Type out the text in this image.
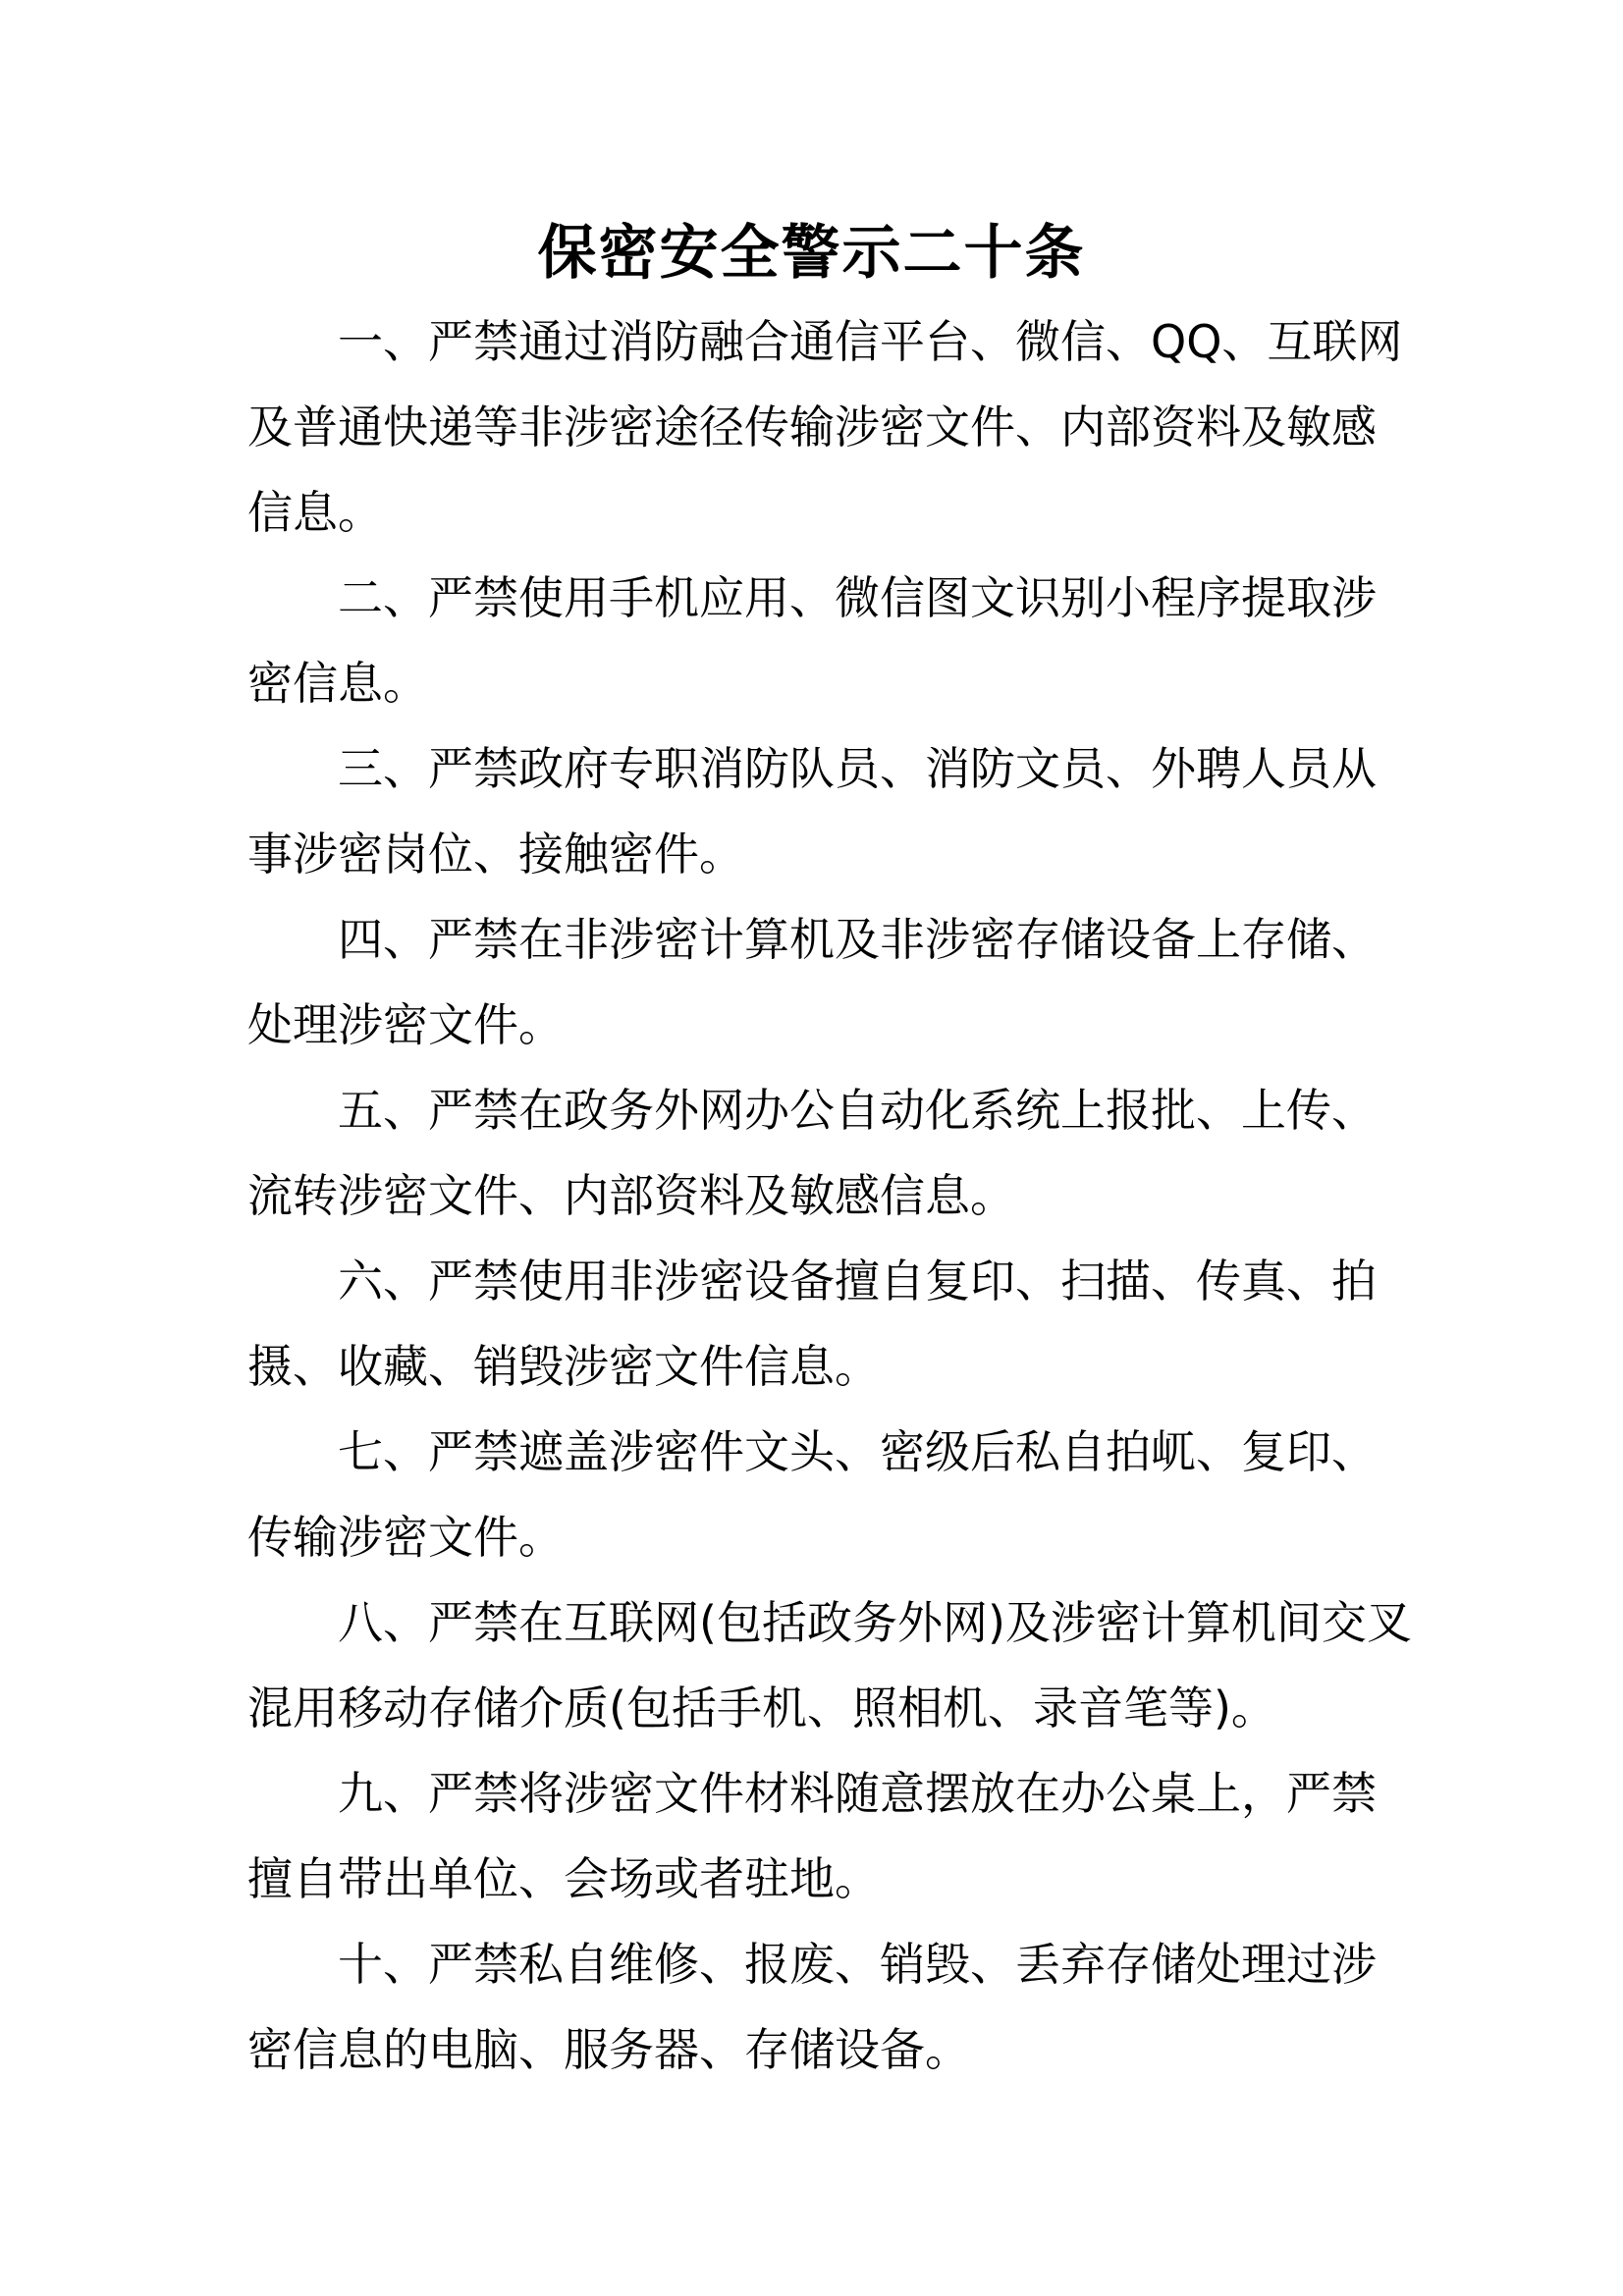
保密安全警示二十条
一、严禁通过消防融合通信平台、微信、QQ、互联网
及普通快递等非涉密途径传输涉密文件、内部资料及敏感
信息。
二、严禁使用手机应用、微信图文识别小程序提取涉
密信息。
三、严禁政府专职消防队员、消防文员、外聘人员从
事涉密岗位、接触密件。
四、严禁在非涉密计算机及非涉密存储设备上存储、
处理涉密文件。
五、严禁在政务外网办公自动化系统上报批、上传、
流转涉密文件、内部资料及敏感信息。
六、严禁使用非涉密设备擅自复印、扫描、传真、拍
摄、收藏、销毁涉密文件信息。
七、严禁遮盖涉密件文头、密级后私自拍屼、复印、
传输涉密文件。
八、严禁在互联网(包括政务外网)及涉密计算机间交叉
混用移动存储介质(包括手机、照相机、录音笔等)。
九、严禁将涉密文件材料随意摆放在办公桌上，严禁
擅自带出单位、会场或者驻地。
十、严禁私自维修、报废、销毁、丢弃存储处理过涉
密信息的电脑、服务器、存储设备。
